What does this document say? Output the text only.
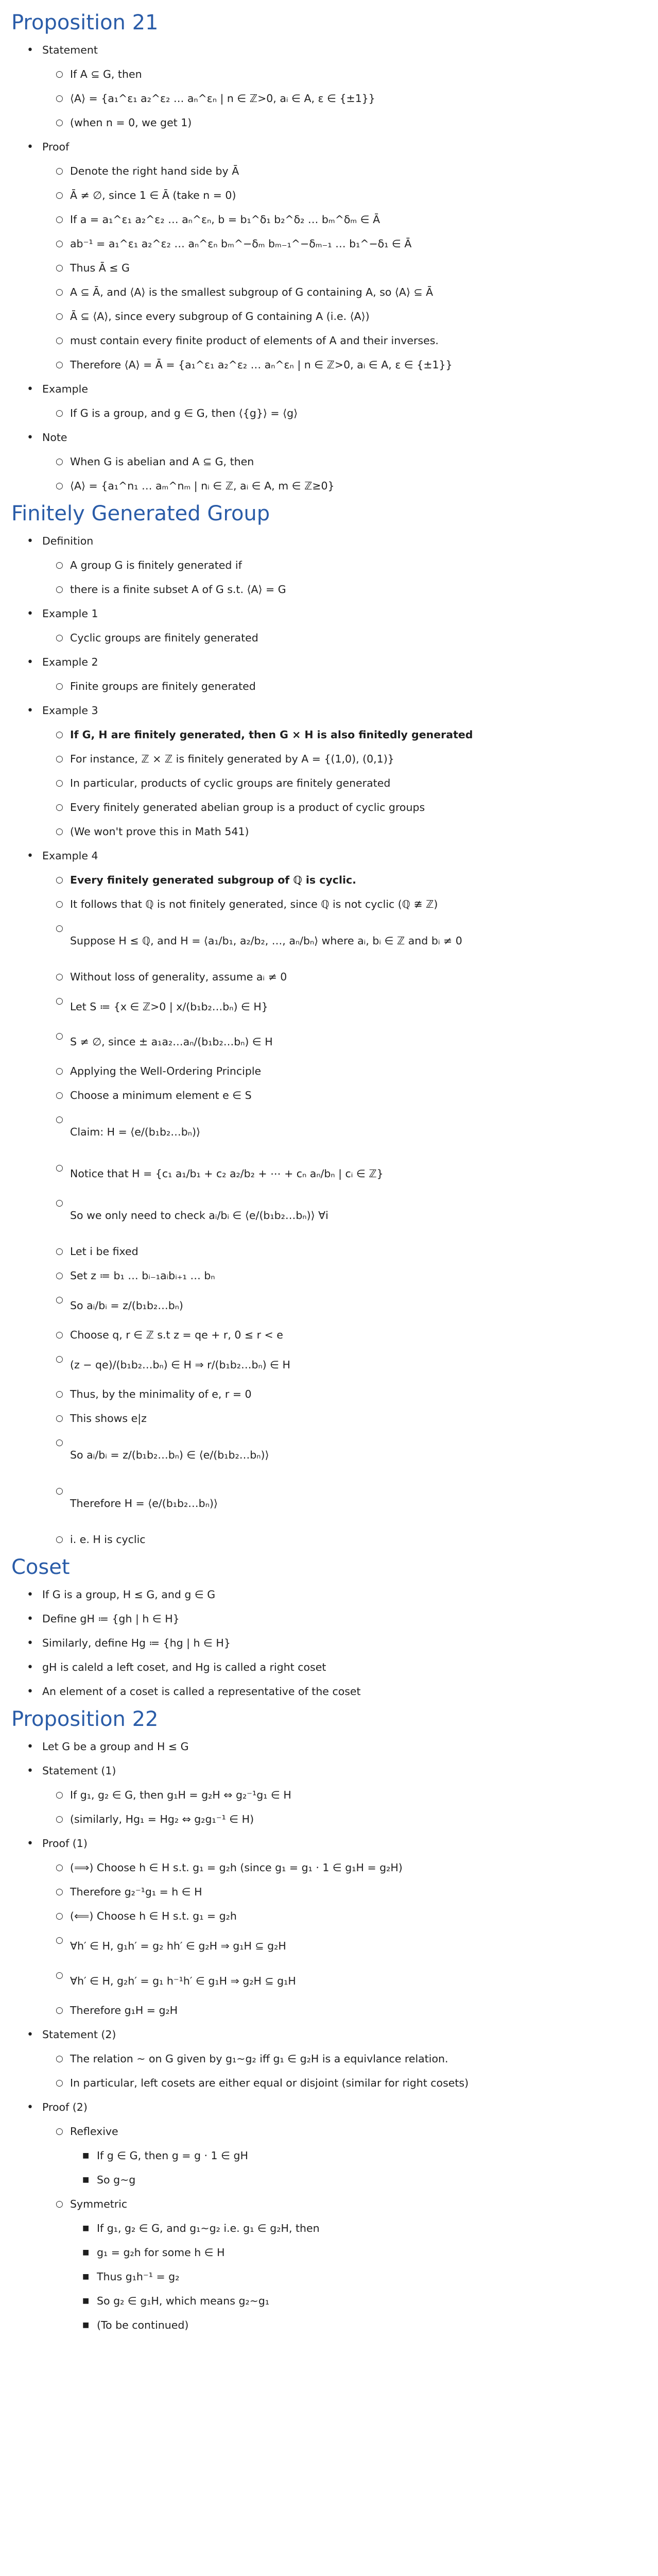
Proposition 21
• Statement
○ If A ⊆ G, then
○ ⟨A⟩ = {a₁^ε₁ a₂^ε₂ … aₙ^εₙ | n ∈ ℤ>0, aᵢ ∈ A, ε ∈ {±1}}
○ (when n = 0, we get 1)
• Proof
○ Denote the right hand side by Ā
○ Ā ≠ ∅, since 1 ∈ Ā (take n = 0)
○ If a = a₁^ε₁ a₂^ε₂ … aₙ^εₙ, b = b₁^δ₁ b₂^δ₂ … bₘ^δₘ ∈ Ā
○ ab⁻¹ = a₁^ε₁ a₂^ε₂ … aₙ^εₙ bₘ^−δₘ bₘ₋₁^−δₘ₋₁ … b₁^−δ₁ ∈ Ā
○ Thus Ā ≤ G
○ A ⊆ Ā, and ⟨A⟩ is the smallest subgroup of G containing A, so ⟨A⟩ ⊆ Ā
○ Ā ⊆ ⟨A⟩, since every subgroup of G containing A (i.e. ⟨A⟩)
○ must contain every finite product of elements of A and their inverses.
○ Therefore ⟨A⟩ = Ā = {a₁^ε₁ a₂^ε₂ … aₙ^εₙ | n ∈ ℤ>0, aᵢ ∈ A, ε ∈ {±1}}
• Example
○ If G is a group, and g ∈ G, then ⟨{g}⟩ = ⟨g⟩
• Note
○ When G is abelian and A ⊆ G, then
○ ⟨A⟩ = {a₁^n₁ … aₘ^nₘ | nᵢ ∈ ℤ, aᵢ ∈ A, m ∈ ℤ≥0}
Finitely Generated Group
• Definition
○ A group G is finitely generated if
○ there is a finite subset A of G s.t. ⟨A⟩ = G
• Example 1
○ Cyclic groups are finitely generated
• Example 2
○ Finite groups are finitely generated
• Example 3
○ If G, H are finitely generated, then G × H is also finitedly generated
○ For instance, ℤ × ℤ is finitely generated by A = {(1,0), (0,1)}
○ In particular, products of cyclic groups are finitely generated
○ Every finitely generated abelian group is a product of cyclic groups
○ (We won't prove this in Math 541)
• Example 4
○ Every finitely generated subgroup of ℚ is cyclic.
○ It follows that ℚ is not finitely generated, since ℚ is not cyclic (ℚ ≇ ℤ)
○ Suppose H ≤ ℚ, and H = ⟨a₁/b₁, a₂/b₂, …, aₙ/bₙ⟩ where aᵢ, bᵢ ∈ ℤ and bᵢ ≠ 0
○ Without loss of generality, assume aᵢ ≠ 0
○ Let S ≔ {x ∈ ℤ>0 | x/(b₁b₂…bₙ) ∈ H}
○ S ≠ ∅, since ± a₁a₂…aₙ/(b₁b₂…bₙ) ∈ H
○ Applying the Well-Ordering Principle
○ Choose a minimum element e ∈ S
○ Claim: H = ⟨e/(b₁b₂…bₙ)⟩
○ Notice that H = {c₁ a₁/b₁ + c₂ a₂/b₂ + ⋯ + cₙ aₙ/bₙ | cᵢ ∈ ℤ}
○ So we only need to check aᵢ/bᵢ ∈ ⟨e/(b₁b₂…bₙ)⟩ ∀i
○ Let i be fixed
○ Set z ≔ b₁ … bᵢ₋₁aᵢbᵢ₊₁ … bₙ
○ So aᵢ/bᵢ = z/(b₁b₂…bₙ)
○ Choose q, r ∈ ℤ s.t z = qe + r, 0 ≤ r < e
○ (z − qe)/(b₁b₂…bₙ) ∈ H ⇒ r/(b₁b₂…bₙ) ∈ H
○ Thus, by the minimality of e, r = 0
○ This shows e|z
○ So aᵢ/bᵢ = z/(b₁b₂…bₙ) ∈ ⟨e/(b₁b₂…bₙ)⟩
○ Therefore H = ⟨e/(b₁b₂…bₙ)⟩
○ i. e. H is cyclic
Coset
• If G is a group, H ≤ G, and g ∈ G
• Define gH ≔ {gh | h ∈ H}
• Similarly, define Hg ≔ {hg | h ∈ H}
• gH is caleld a left coset, and Hg is called a right coset
• An element of a coset is called a representative of the coset
Proposition 22
• Let G be a group and H ≤ G
• Statement (1)
○ If g₁, g₂ ∈ G, then g₁H = g₂H ⇔ g₂⁻¹g₁ ∈ H
○ (similarly, Hg₁ = Hg₂ ⇔ g₂g₁⁻¹ ∈ H)
• Proof (1)
○ (⟹) Choose h ∈ H s.t. g₁ = g₂h (since g₁ = g₁ · 1 ∈ g₁H = g₂H)
○ Therefore g₂⁻¹g₁ = h ∈ H
○ (⟸) Choose h ∈ H s.t. g₁ = g₂h
○ ∀h′ ∈ H, g₁h′ = g₂ hh′ ∈ g₂H ⇒ g₁H ⊆ g₂H
○ ∀h′ ∈ H, g₂h′ = g₁ h⁻¹h′ ∈ g₁H ⇒ g₂H ⊆ g₁H
○ Therefore g₁H = g₂H
• Statement (2)
○ The relation ~ on G given by g₁~g₂ iff g₁ ∈ g₂H is a equivlance relation.
○ In particular, left cosets are either equal or disjoint (similar for right cosets)
• Proof (2)
○ Reflexive
■ If g ∈ G, then g = g · 1 ∈ gH
■ So g~g
○ Symmetric
■ If g₁, g₂ ∈ G, and g₁~g₂ i.e. g₁ ∈ g₂H, then
■ g₁ = g₂h for some h ∈ H
■ Thus g₁h⁻¹ = g₂
■ So g₂ ∈ g₁H, which means g₂~g₁
■ (To be continued)
